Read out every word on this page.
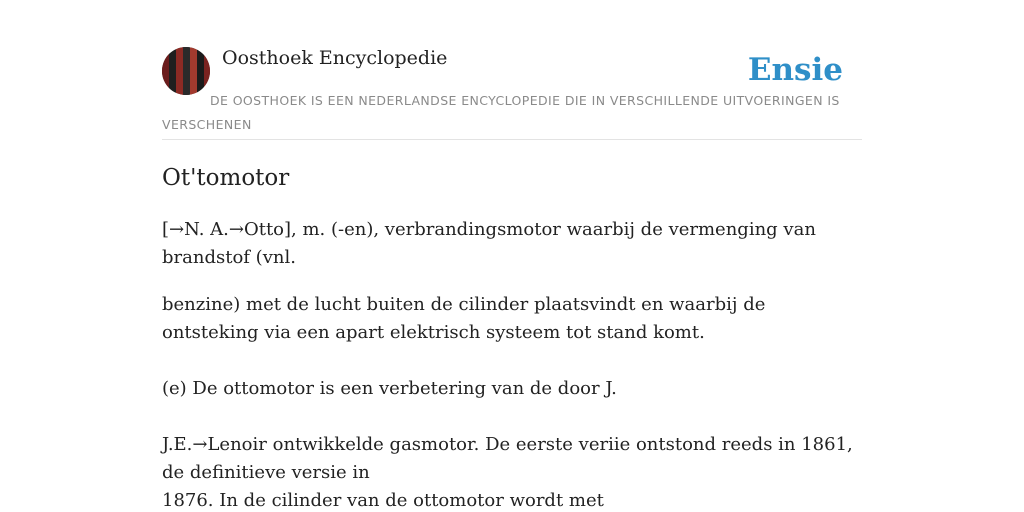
Oosthoek Encyclopedie	Ensie

DE OOSTHOEK IS EEN NEDERLANDSE ENCYCLOPEDIE DIE IN VERSCHILLENDE UITVOERINGEN IS VERSCHENEN

Ot'tomotor

[→N. A.→Otto], m. (-en), verbrandingsmotor waarbij de vermenging van brandstof (vnl.

benzine) met de lucht buiten de cilinder plaatsvindt en waarbij de ontsteking via een apart elektrisch systeem tot stand komt.
(e) De ottomotor is een verbetering van de door J.
J.E.→Lenoir ontwikkelde gasmotor. De eerste veriie ontstond reeds in 1861, de definitieve versie in
1876. In de cilinder van de ottomotor wordt met
